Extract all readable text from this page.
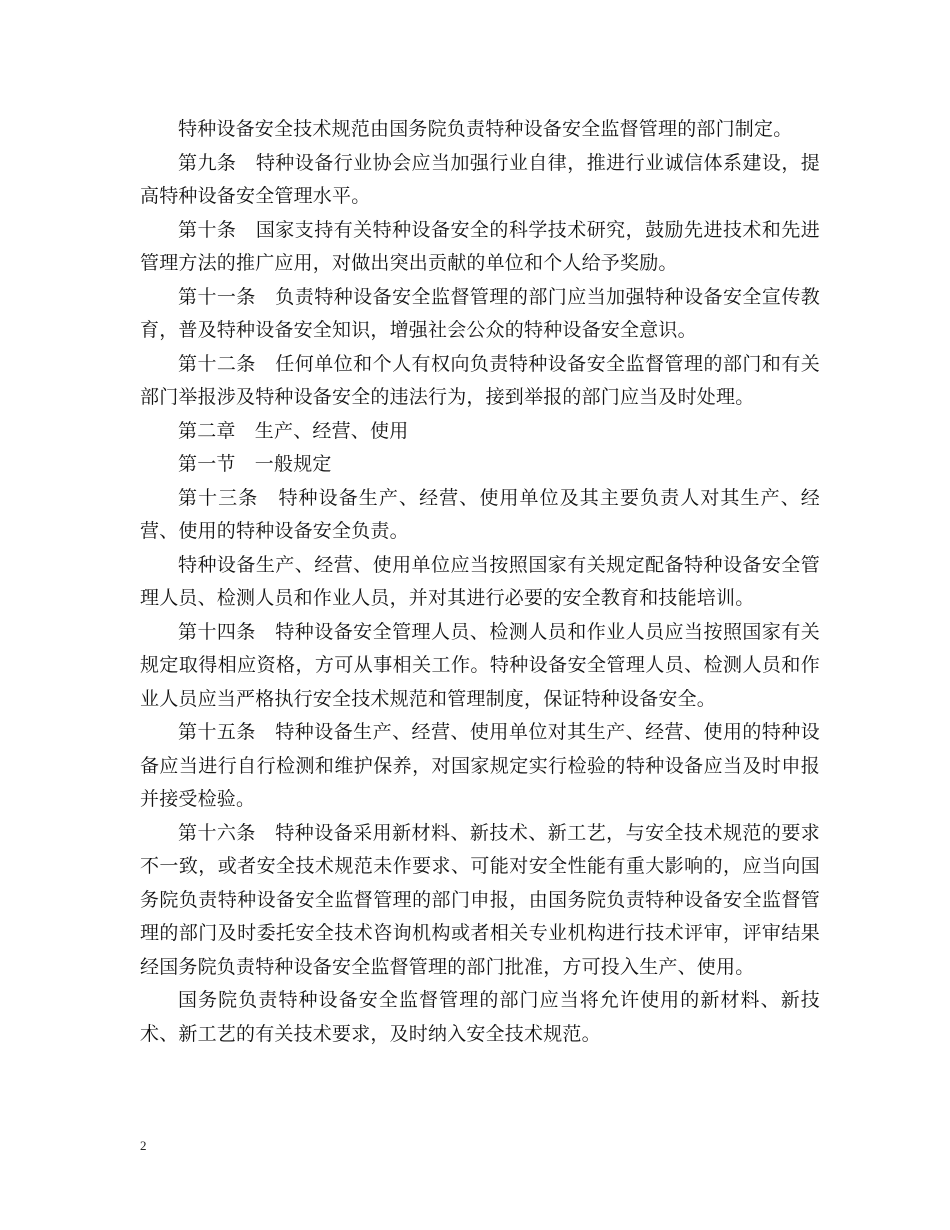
特种设备安全技术规范由国务院负责特种设备安全监督管理的部门制定。

第九条　特种设备行业协会应当加强行业自律，推进行业诚信体系建设，提高特种设备安全管理水平。

第十条　国家支持有关特种设备安全的科学技术研究，鼓励先进技术和先进管理方法的推广应用，对做出突出贡献的单位和个人给予奖励。

第十一条　负责特种设备安全监督管理的部门应当加强特种设备安全宣传教育，普及特种设备安全知识，增强社会公众的特种设备安全意识。

第十二条　任何单位和个人有权向负责特种设备安全监督管理的部门和有关部门举报涉及特种设备安全的违法行为，接到举报的部门应当及时处理。

第二章　生产、经营、使用

第一节　一般规定

第十三条　特种设备生产、经营、使用单位及其主要负责人对其生产、经营、使用的特种设备安全负责。

特种设备生产、经营、使用单位应当按照国家有关规定配备特种设备安全管理人员、检测人员和作业人员，并对其进行必要的安全教育和技能培训。

第十四条　特种设备安全管理人员、检测人员和作业人员应当按照国家有关规定取得相应资格，方可从事相关工作。特种设备安全管理人员、检测人员和作业人员应当严格执行安全技术规范和管理制度，保证特种设备安全。

第十五条　特种设备生产、经营、使用单位对其生产、经营、使用的特种设备应当进行自行检测和维护保养，对国家规定实行检验的特种设备应当及时申报并接受检验。

第十六条　特种设备采用新材料、新技术、新工艺，与安全技术规范的要求不一致，或者安全技术规范未作要求、可能对安全性能有重大影响的，应当向国务院负责特种设备安全监督管理的部门申报，由国务院负责特种设备安全监督管理的部门及时委托安全技术咨询机构或者相关专业机构进行技术评审，评审结果经国务院负责特种设备安全监督管理的部门批准，方可投入生产、使用。

国务院负责特种设备安全监督管理的部门应当将允许使用的新材料、新技术、新工艺的有关技术要求，及时纳入安全技术规范。

2
